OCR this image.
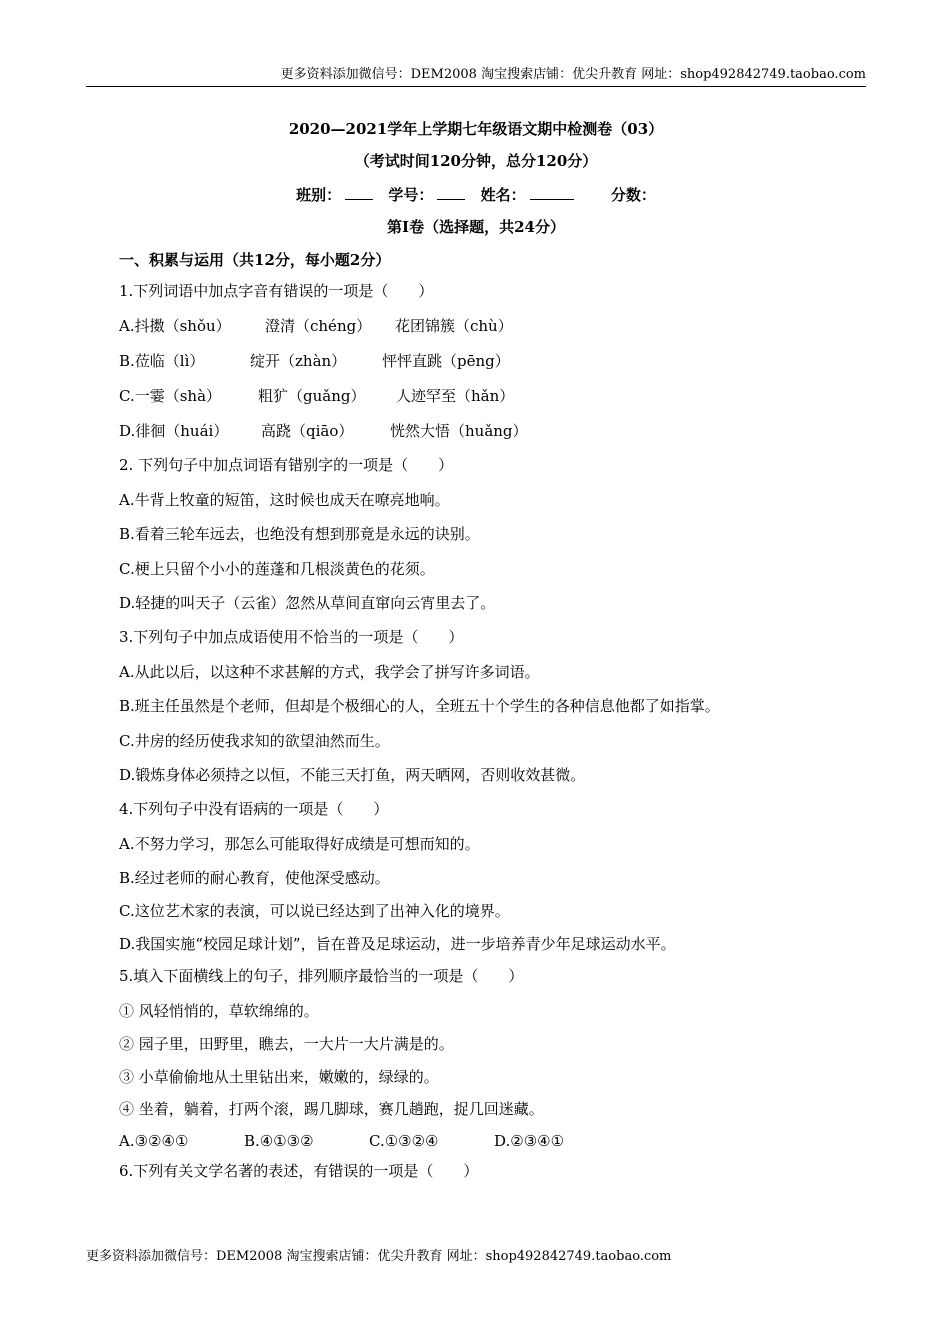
更多资料添加微信号：DEM2008 淘宝搜索店铺：优尖升教育 网址：shop492842749.taobao.com
2020—2021学年上学期七年级语文期中检测卷（03）
（考试时间120分钟，总分120分）
班别：	学号：	姓名：	分数：
第Ⅰ卷（选择题，共24分）
一、积累与运用（共12分，每小题2分）
1.下列词语中加点字音有错误的一项是（　　）
A.抖擞（shǒu） 澄清（chéng） 花团锦簇（chù）
B.莅临（lì）	绽开（zhàn） 怦怦直跳（pēng）
C.一霎（shà） 粗犷（guǎng） 人迹罕至（hǎn）
D.徘徊（huái） 高跷（qiāo） 恍然大悟（huǎng）
2. 下列句子中加点词语有错别字的一项是（　　）
A.牛背上牧童的短笛，这时候也成天在嘹亮地响。
B.看着三轮车远去，也绝没有想到那竟是永远的诀别。
C.梗上只留个小小的莲蓬和几根淡黄色的花须。
D.轻捷的叫天子（云雀）忽然从草间直窜向云宵里去了。
3.下列句子中加点成语使用不恰当的一项是（　　）
A.从此以后，以这种不求甚解的方式，我学会了拼写许多词语。
B.班主任虽然是个老师，但却是个极细心的人，全班五十个学生的各种信息他都了如指掌。
C.井房的经历使我求知的欲望油然而生。
D.锻炼身体必须持之以恒，不能三天打鱼，两天晒网，否则收效甚微。
4.下列句子中没有语病的一项是（　　）
A.不努力学习，那怎么可能取得好成绩是可想而知的。
B.经过老师的耐心教育，使他深受感动。
C.这位艺术家的表演，可以说已经达到了出神入化的境界。
D.我国实施“校园足球计划”，旨在普及足球运动，进一步培养青少年足球运动水平。
5.填入下面横线上的句子，排列顺序最恰当的一项是（　　）
① 风轻悄悄的，草软绵绵的。
② 园子里，田野里，瞧去，一大片一大片满是的。
③ 小草偷偷地从土里钻出来，嫩嫩的，绿绿的。
④ 坐着，躺着，打两个滚，踢几脚球，赛几趟跑，捉几回迷藏。
A.③②④①	B.④①③②	C.①③②④	D.②③④①
6.下列有关文学名著的表述，有错误的一项是（　　）
更多资料添加微信号：DEM2008 淘宝搜索店铺：优尖升教育 网址：shop492842749.taobao.com
